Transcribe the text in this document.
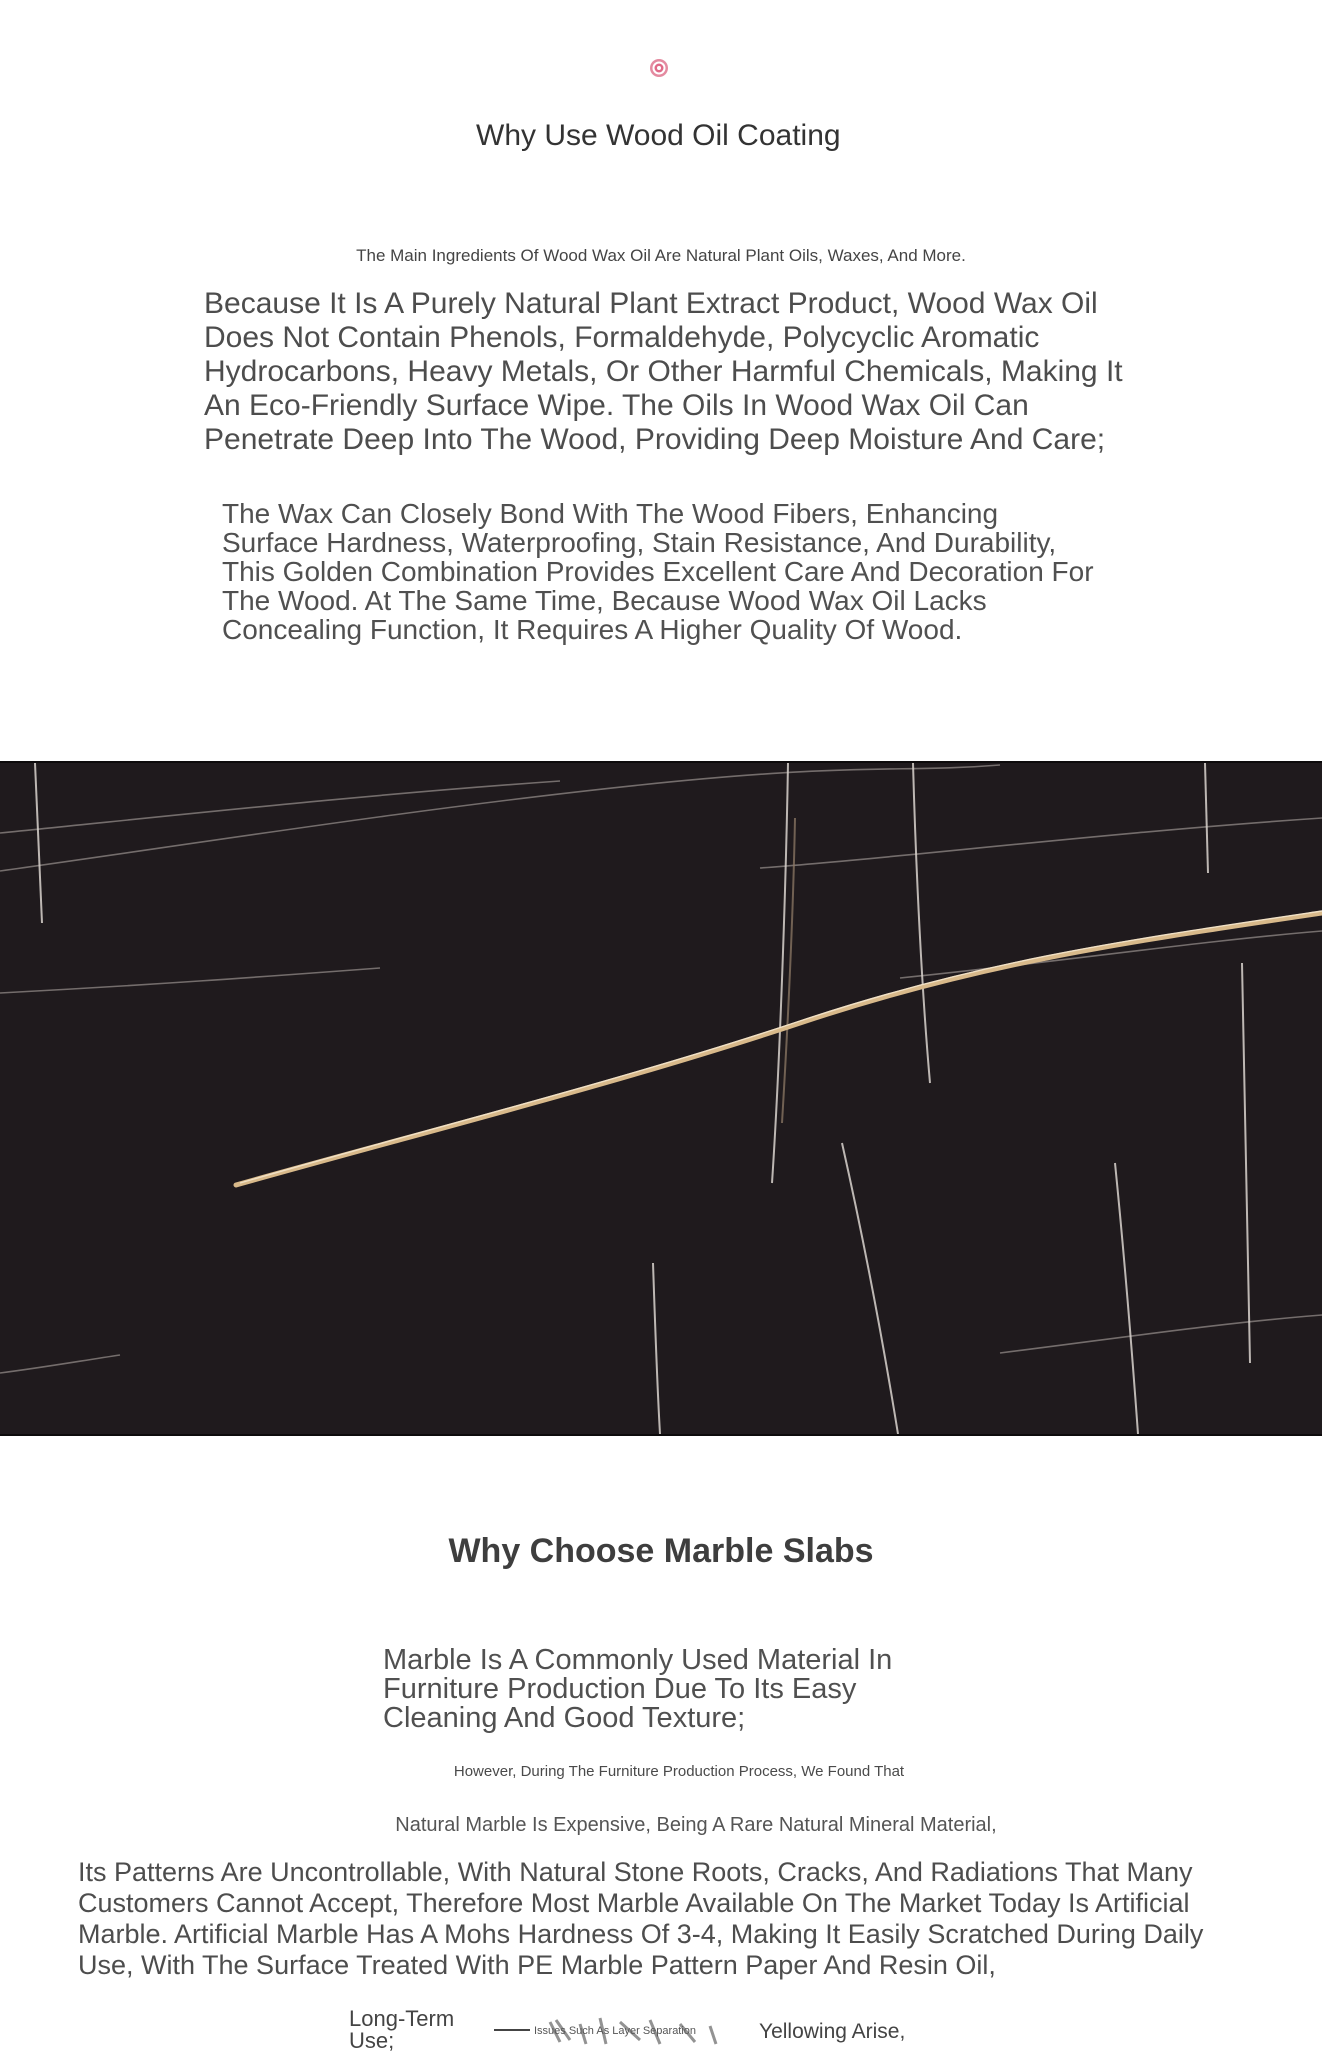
Why Use Wood Oil Coating
The Main Ingredients Of Wood Wax Oil Are Natural Plant Oils, Waxes, And More.
Because It Is A Purely Natural Plant Extract Product, Wood Wax Oil Does Not Contain Phenols, Formaldehyde, Polycyclic Aromatic Hydrocarbons, Heavy Metals, Or Other Harmful Chemicals, Making It An Eco-Friendly Surface Wipe. The Oils In Wood Wax Oil Can Penetrate Deep Into The Wood, Providing Deep Moisture And Care;
The Wax Can Closely Bond With The Wood Fibers, Enhancing Surface Hardness, Waterproofing, Stain Resistance, And Durability, This Golden Combination Provides Excellent Care And Decoration For The Wood. At The Same Time, Because Wood Wax Oil Lacks Concealing Function, It Requires A Higher Quality Of Wood.
Why Choose Marble Slabs
Marble Is A Commonly Used Material In Furniture Production Due To Its Easy Cleaning And Good Texture;
However, During The Furniture Production Process, We Found That
Natural Marble Is Expensive, Being A Rare Natural Mineral Material,
Its Patterns Are Uncontrollable, With Natural Stone Roots, Cracks, And Radiations That Many Customers Cannot Accept, Therefore Most Marble Available On The Market Today Is Artificial Marble. Artificial Marble Has A Mohs Hardness Of 3-4, Making It Easily Scratched During Daily Use, With The Surface Treated With PE Marble Pattern Paper And Resin Oil,
Long-Term Use;	Issues Such As Layer Separation	Yellowing Arise,
